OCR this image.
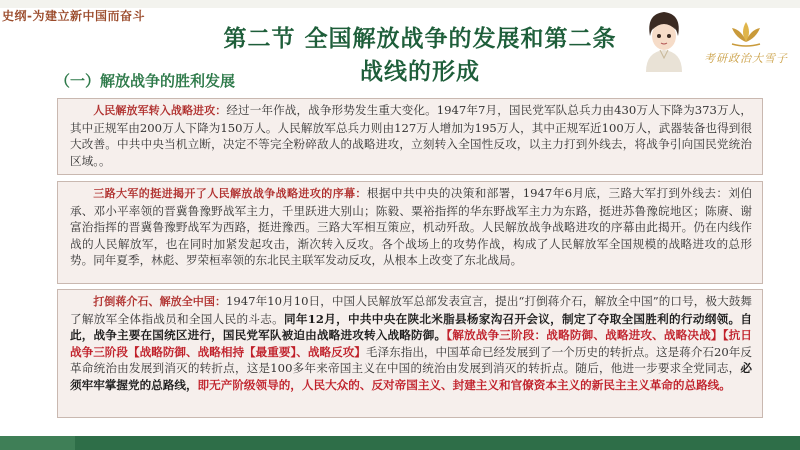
史纲-为建立新中国而奋斗
第二节 全国解放战争的发展和第二条
战线的形成
（一）解放战争的胜利发展
考研政治大雪子

人民解放军转入战略进攻：经过一年作战，战争形势发生重大变化。1947年7月，国民党军队总兵力由430万人下降为373万人，其中正规军由200万人下降为150万人。人民解放军总兵力则由127万人增加为195万人，其中正规军近100万人，武器装备也得到很大改善。中共中央当机立断，决定不等完全粉碎敌人的战略进攻，立刻转入全国性反攻，以主力打到外线去，将战争引向国民党统治区域。。

三路大军的挺进揭开了人民解放战争战略进攻的序幕：根据中共中央的决策和部署，1947年6月底，三路大军打到外线去：刘伯承、邓小平率领的晋冀鲁豫野战军主力，千里跃进大别山；陈毅、粟裕指挥的华东野战军主力为东路，挺进苏鲁豫皖地区；陈赓、谢富治指挥的晋冀鲁豫野战军为西路，挺进豫西。三路大军相互策应，机动歼敌。人民解放战争战略进攻的序幕由此揭开。仍在内线作战的人民解放军，也在同时加紧发起攻击，渐次转入反攻。各个战场上的攻势作战，构成了人民解放军全国规模的战略进攻的总形势。同年夏季，林彪、罗荣桓率领的东北民主联军发动反攻，从根本上改变了东北战局。

打倒蒋介石、解放全中国：1947年10月10日，中国人民解放军总部发表宣言，提出“打倒蒋介石，解放全中国”的口号，极大鼓舞了解放军全体指战员和全国人民的斗志。同年12月，中共中央在陕北米脂县杨家沟召开会议，制定了夺取全国胜利的行动纲领。自此，战争主要在国统区进行，国民党军队被迫由战略进攻转入战略防御。【解放战争三阶段：战略防御、战略进攻、战略决战】【抗日战争三阶段【战略防御、战略相持【最重要】、战略反攻】毛泽东指出，中国革命已经发展到了一个历史的转折点。这是蒋介石20年反革命统治由发展到消灭的转折点，这是100多年来帝国主义在中国的统治由发展到消灭的转折点。随后，他进一步要求全党同志，必须牢牢掌握党的总路线，即无产阶级领导的，人民大众的、反对帝国主义、封建主义和官僚资本主义的新民主主义革命的总路线。
